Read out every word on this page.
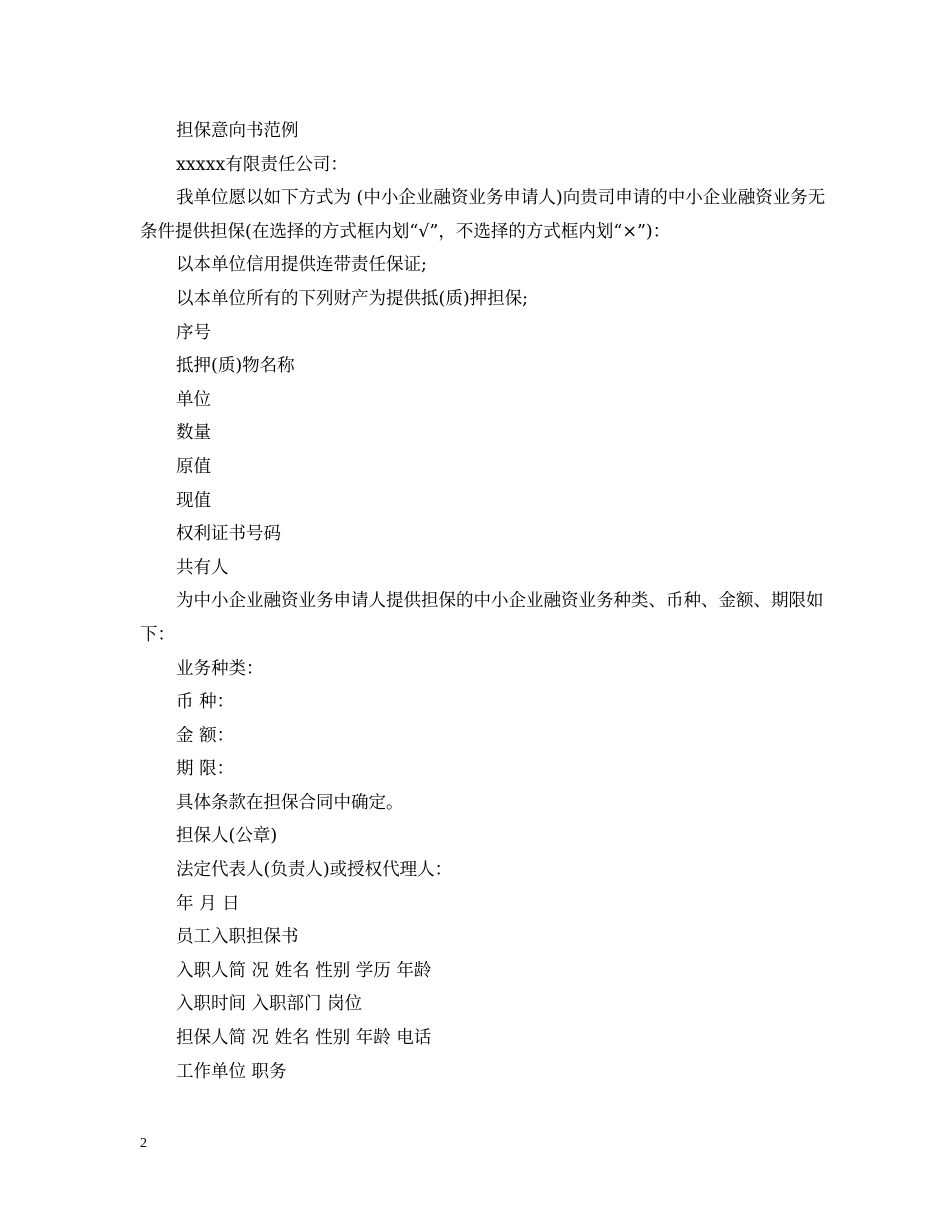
担保意向书范例

xxxxx有限责任公司：

我单位愿以如下方式为 (中小企业融资业务申请人)向贵司申请的中小企业融资业务无条件提供担保(在选择的方式框内划“√”，不选择的方式框内划“×”)：

以本单位信用提供连带责任保证;

以本单位所有的下列财产为提供抵(质)押担保;

序号

抵押(质)物名称

单位

数量

原值

现值

权利证书号码

共有人

为中小企业融资业务申请人提供担保的中小企业融资业务种类、币种、金额、期限如下：

业务种类：

币 种：

金 额：

期 限：

具体条款在担保合同中确定。

担保人(公章)

法定代表人(负责人)或授权代理人：

年 月 日

员工入职担保书

入职人简 况 姓名 性别 学历 年龄

入职时间 入职部门 岗位

担保人简 况 姓名 性别 年龄 电话

工作单位 职务

2
